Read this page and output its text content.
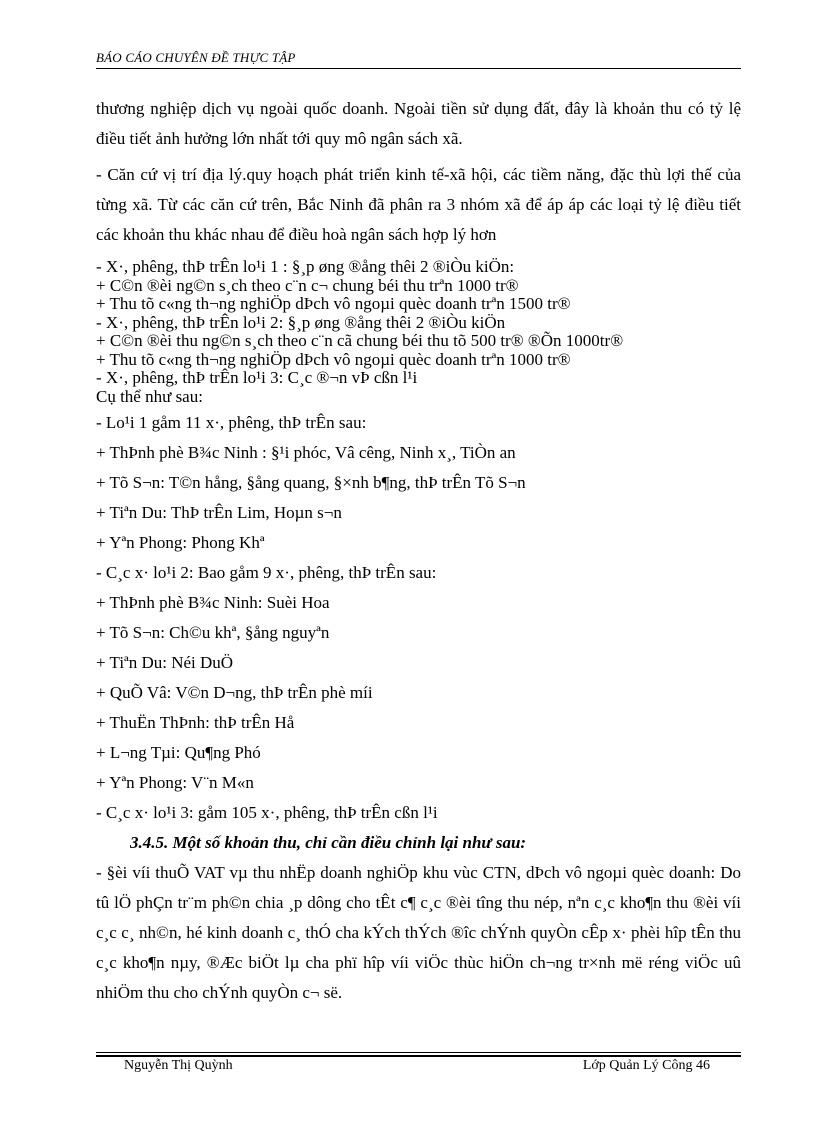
BÁO CÁO CHUYÊN ĐỀ THỰC TẬP

thương nghiệp dịch vụ ngoài quốc doanh. Ngoài tiền sử dụng đất, đây là khoản thu có tỷ lệ điều tiết ảnh hưởng lớn nhất tới quy mô ngân sách xã.

- Căn cứ vị trí địa lý.quy hoạch phát triển kinh tế-xã hội, các tiềm năng, đặc thù lợi thế của từng xã. Từ các căn cứ trên, Bắc Ninh đã phân ra 3 nhóm xã để áp áp các loại tỷ lệ điều tiết các khoản thu khác nhau để điều hoà ngân sách hợp lý hơn

- X·, phêng, thÞ trÊn lo¹i 1 : §¸p øng ®ång thêi 2 ®iÒu kiÖn:

+ C©n ®èi ng©n s¸ch theo c¨n c¬ chung béi thu trªn 1000 tr®

+ Thu tõ c«ng th¬ng nghiÖp dÞch vô ngoµi quèc doanh trªn 1500 tr®

- X·, phêng, thÞ trÊn lo¹i 2: §¸p øng ®ång thêi 2 ®iÒu kiÖn

+ C©n ®èi thu ng©n s¸ch theo c¨n cã chung béi thu tõ 500 tr® ®Õn 1000tr®

+ Thu tõ c«ng th¬ng nghiÖp dÞch vô ngoµi quèc doanh trªn 1000 tr®

- X·, phêng, thÞ trÊn lo¹i 3: C¸c ®¬n vÞ cßn l¹i

Cụ thể như sau:

- Lo¹i 1 gåm 11 x·, phêng, thÞ trÊn sau:

+ ThÞnh phè B¾c Ninh : §¹i phóc, Vâ cêng, Ninh x¸, TiÒn an

+ Tõ S¬n: T©n hång, §ång quang, §×nh b¶ng, thÞ trÊn Tõ S¬n

+ Tiªn Du: ThÞ trÊn Lim, Hoµn s¬n

+ Yªn Phong: Phong Khª

- C¸c x· lo¹i 2: Bao gåm 9 x·, phêng, thÞ trÊn sau:

+ ThÞnh phè B¾c Ninh: Suèi Hoa

+ Tõ S¬n: Ch©u khª, §ång nguyªn

+ Tiªn Du: Néi DuÖ

+ QuÕ Vâ: V©n D¬ng, thÞ trÊn phè míi

+ ThuËn ThÞnh: thÞ trÊn Hå

+ L¬ng Tµi: Qu¶ng Phó

+ Yªn Phong: V¨n M«n

- C¸c x· lo¹i 3: gåm 105 x·, phêng, thÞ trÊn cßn l¹i

3.4.5. Một số khoản thu, chỉ cần điều chỉnh lại như sau:

- §èi víi thuÕ VAT vµ thu nhËp doanh nghiÖp khu vùc CTN, dÞch vô ngoµi quèc doanh: Do tû lÖ phÇn tr¨m ph©n chia ¸p dông cho tÊt c¶ c¸c ®èi tîng thu nép, nªn c¸c kho¶n thu ®èi víi c¸c c¸ nh©n, hé kinh doanh c¸ thÓ cha kÝch thÝch ®îc chÝnh quyÒn cÊp x· phèi hîp tÊn thu c¸c kho¶n nµy, ®Æc biÖt lµ cha phï hîp víi viÖc thùc hiÖn ch¬ng tr×nh më réng viÖc uû nhiÖm thu cho chÝnh quyÒn c¬ së.

Nguyễn Thị Quỳnh	Lớp Quản Lý Công 46
